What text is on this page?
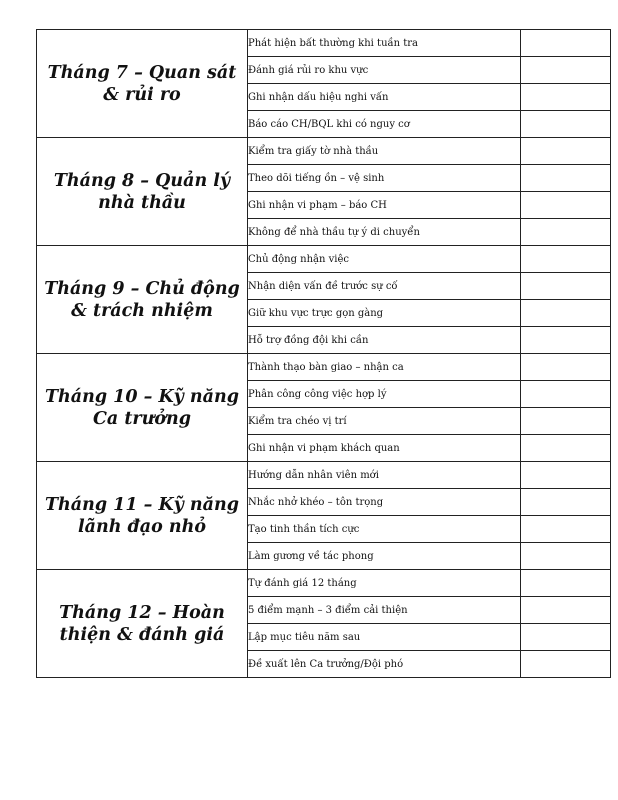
Tháng 7 – Quan sát & rủi ro	Phát hiện bất thường khi tuần tra	
	Đánh giá rủi ro khu vực	
	Ghi nhận dấu hiệu nghi vấn	
	Báo cáo CH/BQL khi có nguy cơ	
Tháng 8 – Quản lý nhà thầu	Kiểm tra giấy tờ nhà thầu	
	Theo dõi tiếng ồn – vệ sinh	
	Ghi nhận vi phạm – báo CH	
	Không để nhà thầu tự ý di chuyển	
Tháng 9 – Chủ động & trách nhiệm	Chủ động nhận việc	
	Nhận diện vấn đề trước sự cố	
	Giữ khu vực trực gọn gàng	
	Hỗ trợ đồng đội khi cần	
Tháng 10 – Kỹ năng Ca trưởng	Thành thạo bàn giao – nhận ca	
	Phân công công việc hợp lý	
	Kiểm tra chéo vị trí	
	Ghi nhận vi phạm khách quan	
Tháng 11 – Kỹ năng lãnh đạo nhỏ	Hướng dẫn nhân viên mới	
	Nhắc nhở khéo – tôn trọng	
	Tạo tinh thần tích cực	
	Làm gương về tác phong	
Tháng 12 – Hoàn thiện & đánh giá	Tự đánh giá 12 tháng	
	5 điểm mạnh – 3 điểm cải thiện	
	Lập mục tiêu năm sau	
	Đề xuất lên Ca trưởng/Đội phó	
